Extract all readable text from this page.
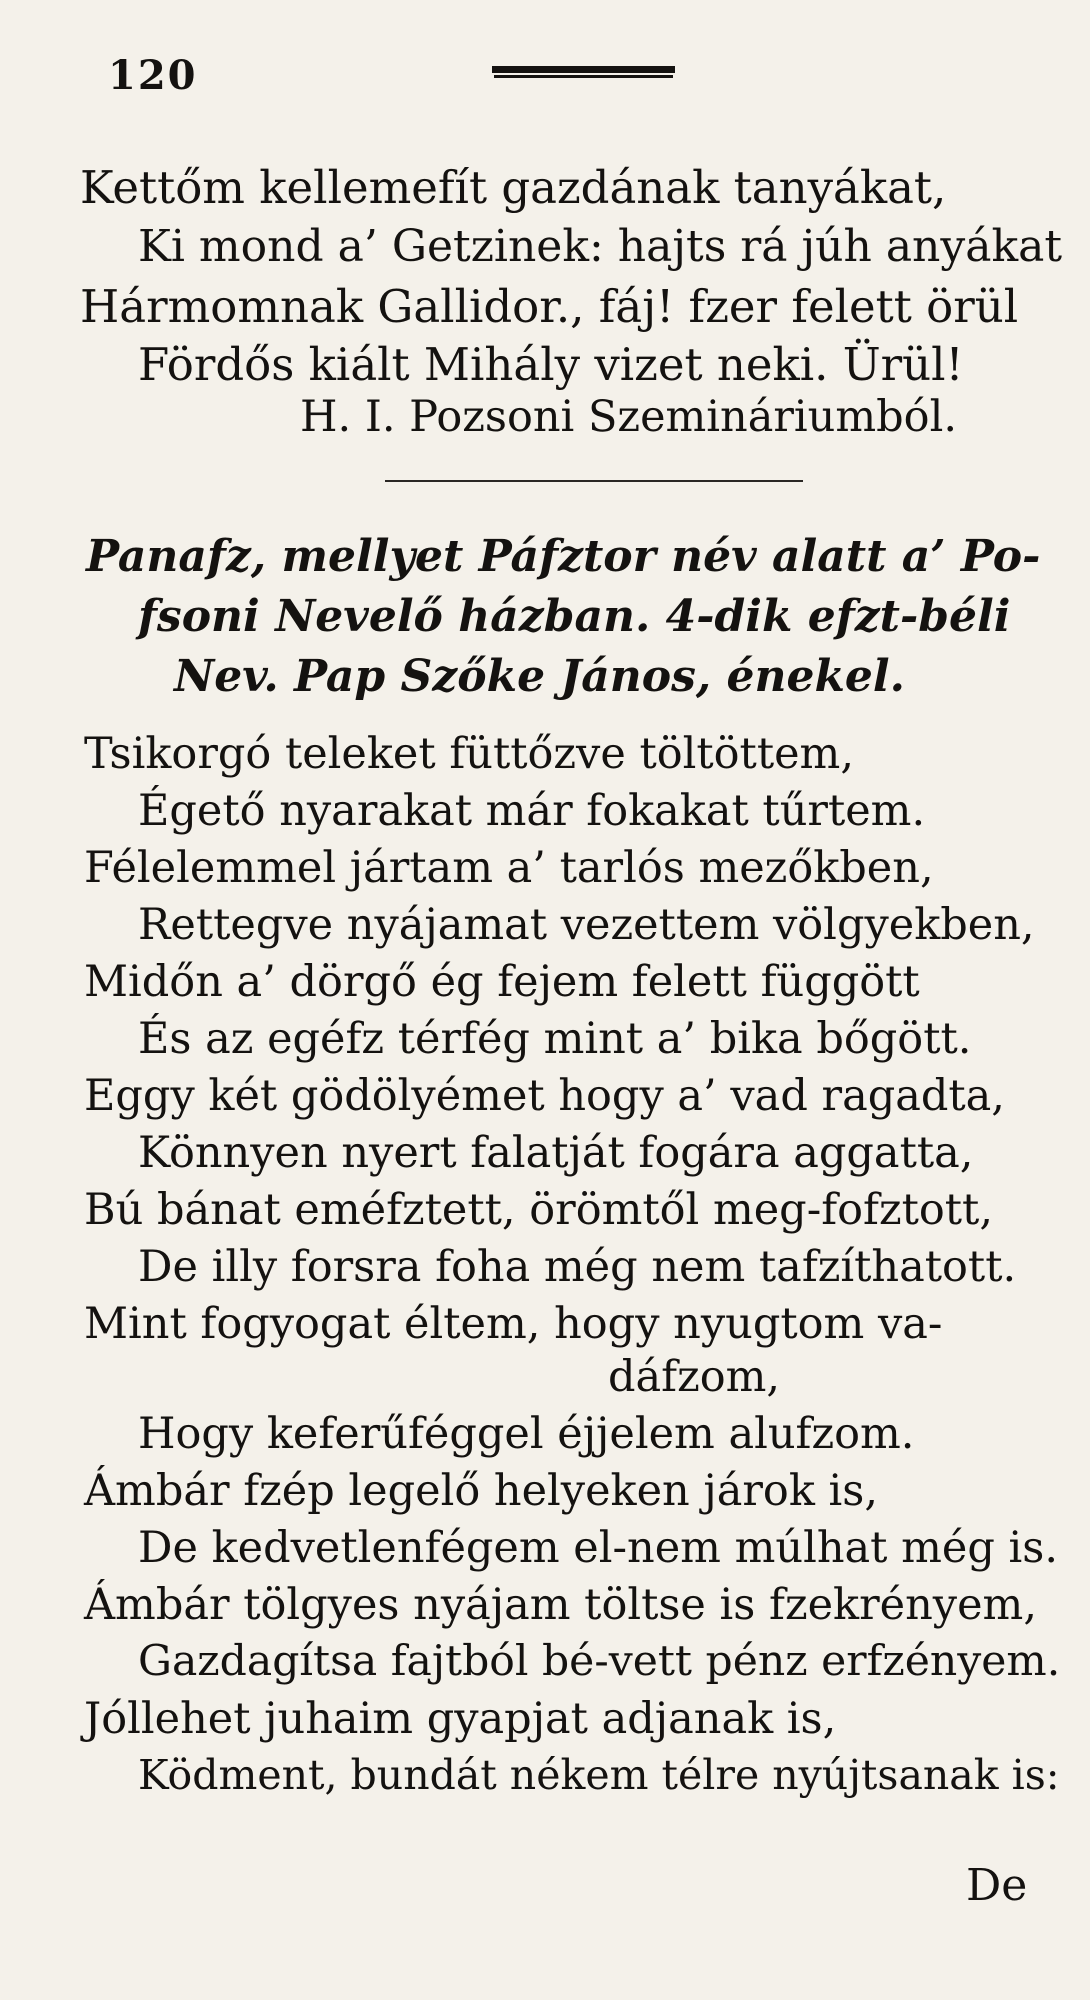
120
Kettőm kellemefít gazdának tanyákat,
Ki mond a’ Getzinek: hajts rá júh anyákat
Hármomnak Gallidor., fáj! fzer felett örül
Fördős kiált Mihály vizet neki. Ürül!
H. I. Pozsoni Szemináriumból.
Panafz, mellyet Páfztor név alatt a’ Po-
fsoni Nevelő házban. 4-dik efzt-béli
Nev. Pap Szőke János, énekel.
Tsikorgó teleket füttőzve töltöttem,
Égető nyarakat már fokakat tűrtem.
Félelemmel jártam a’ tarlós mezőkben,
Rettegve nyájamat vezettem völgyekben,
Midőn a’ dörgő ég fejem felett függött
És az egéfz térfég mint a’ bika bőgött.
Eggy két gödölyémet hogy a’ vad ragadta,
Könnyen nyert falatját fogára aggatta,
Bú bánat eméfztett, örömtől meg-fofztott,
De illy forsra foha még nem tafzíthatott.
Mint fogyogat éltem, hogy nyugtom va-
dáfzom,
Hogy keferűféggel éjjelem alufzom.
Ámbár fzép legelő helyeken járok is,
De kedvetlenfégem el-nem múlhat még is.
Ámbár tölgyes nyájam töltse is fzekrényem,
Gazdagítsa fajtból bé-vett pénz erfzényem.
Jóllehet juhaim gyapjat adjanak is,
Ködment, bundát nékem télre nyújtsanak is:
De
